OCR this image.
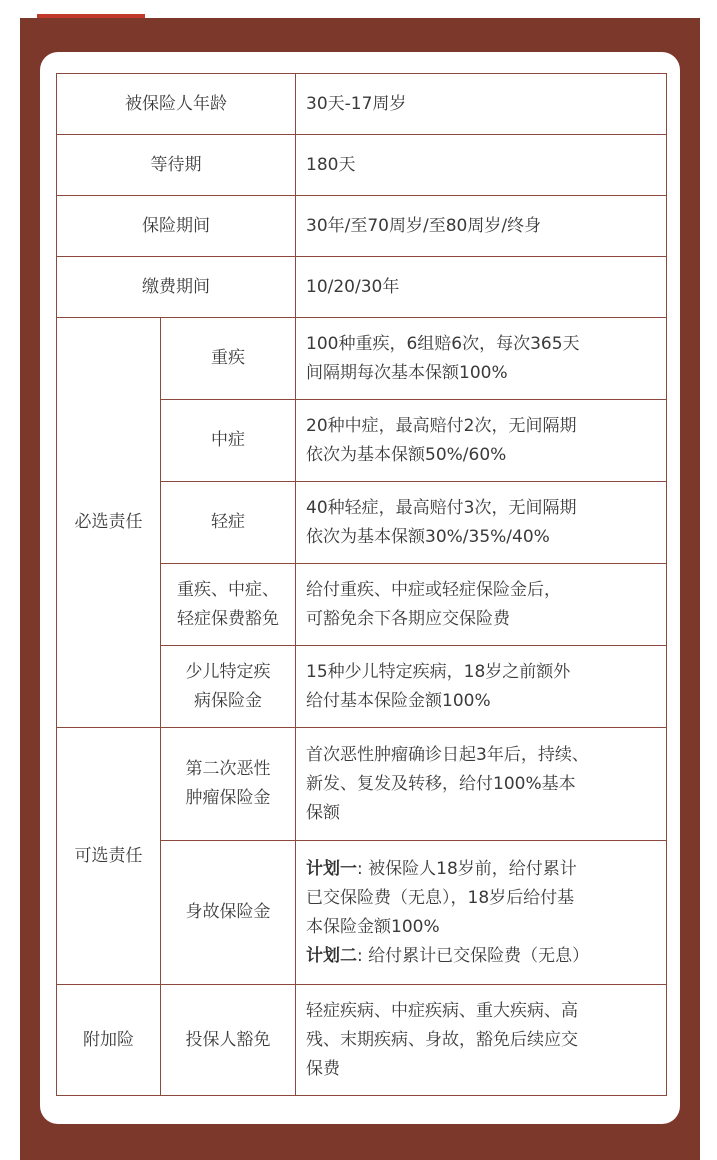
被保险人年龄		30天-17周岁
等待期		180天
保险期间		30年/至70周岁/至80周岁/终身
缴费期间		10/20/30年
必选责任	重疾	100种重疾，6组赔6次，每次365天
间隔期每次基本保额100%
	中症	20种中症，最高赔付2次，无间隔期
依次为基本保额50%/60%
	轻症	40种轻症，最高赔付3次，无间隔期
依次为基本保额30%/35%/40%
	重疾、中症、
轻症保费豁免	给付重疾、中症或轻症保险金后，
可豁免余下各期应交保险费
	少儿特定疾
病保险金	15种少儿特定疾病，18岁之前额外
给付基本保险金额100%
可选责任	第二次恶性
肿瘤保险金	首次恶性肿瘤确诊日起3年后，持续、
新发、复发及转移，给付100%基本
保额
	身故保险金	计划一: 被保险人18岁前，给付累计
已交保险费（无息），18岁后给付基
本保险金额100%
计划二: 给付累计已交保险费（无息）
附加险	投保人豁免	轻症疾病、中症疾病、重大疾病、高
残、末期疾病、身故，豁免后续应交
保费
